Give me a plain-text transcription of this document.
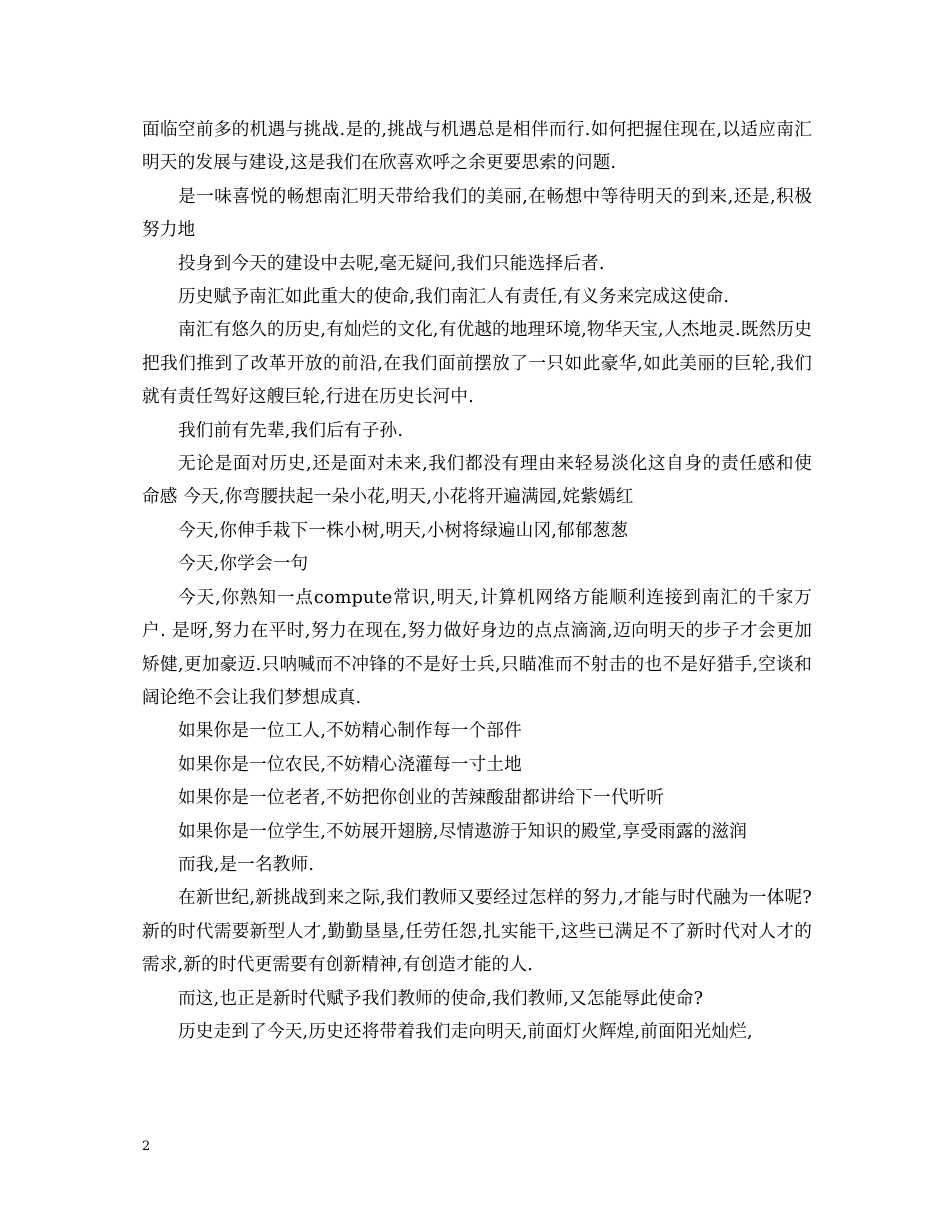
面临空前多的机遇与挑战.是的,挑战与机遇总是相伴而行.如何把握住现在,以适应南汇明天的发展与建设,这是我们在欣喜欢呼之余更要思索的问题.

是一味喜悦的畅想南汇明天带给我们的美丽,在畅想中等待明天的到来,还是,积极努力地

投身到今天的建设中去呢,毫无疑问,我们只能选择后者.

历史赋予南汇如此重大的使命,我们南汇人有责任,有义务来完成这使命.

南汇有悠久的历史,有灿烂的文化,有优越的地理环境,物华天宝,人杰地灵.既然历史把我们推到了改革开放的前沿,在我们面前摆放了一只如此豪华,如此美丽的巨轮,我们就有责任驾好这艘巨轮,行进在历史长河中.

我们前有先辈,我们后有子孙.

无论是面对历史,还是面对未来,我们都没有理由来轻易淡化这自身的责任感和使命感 今天,你弯腰扶起一朵小花,明天,小花将开遍满园,姹紫嫣红

今天,你伸手栽下一株小树,明天,小树将绿遍山冈,郁郁葱葱

今天,你学会一句

今天,你熟知一点compute常识,明天,计算机网络方能顺利连接到南汇的千家万户. 是呀,努力在平时,努力在现在,努力做好身边的点点滴滴,迈向明天的步子才会更加矫健,更加豪迈.只呐喊而不冲锋的不是好士兵,只瞄准而不射击的也不是好猎手,空谈和阔论绝不会让我们梦想成真.

如果你是一位工人,不妨精心制作每一个部件

如果你是一位农民,不妨精心浇灌每一寸土地

如果你是一位老者,不妨把你创业的苦辣酸甜都讲给下一代听听

如果你是一位学生,不妨展开翅膀,尽情遨游于知识的殿堂,享受雨露的滋润

而我,是一名教师.

在新世纪,新挑战到来之际,我们教师又要经过怎样的努力,才能与时代融为一体呢? 新的时代需要新型人才,勤勤垦垦,任劳任怨,扎实能干,这些已满足不了新时代对人才的需求,新的时代更需要有创新精神,有创造才能的人.

而这,也正是新时代赋予我们教师的使命,我们教师,又怎能辱此使命?

历史走到了今天,历史还将带着我们走向明天,前面灯火辉煌,前面阳光灿烂,

2
